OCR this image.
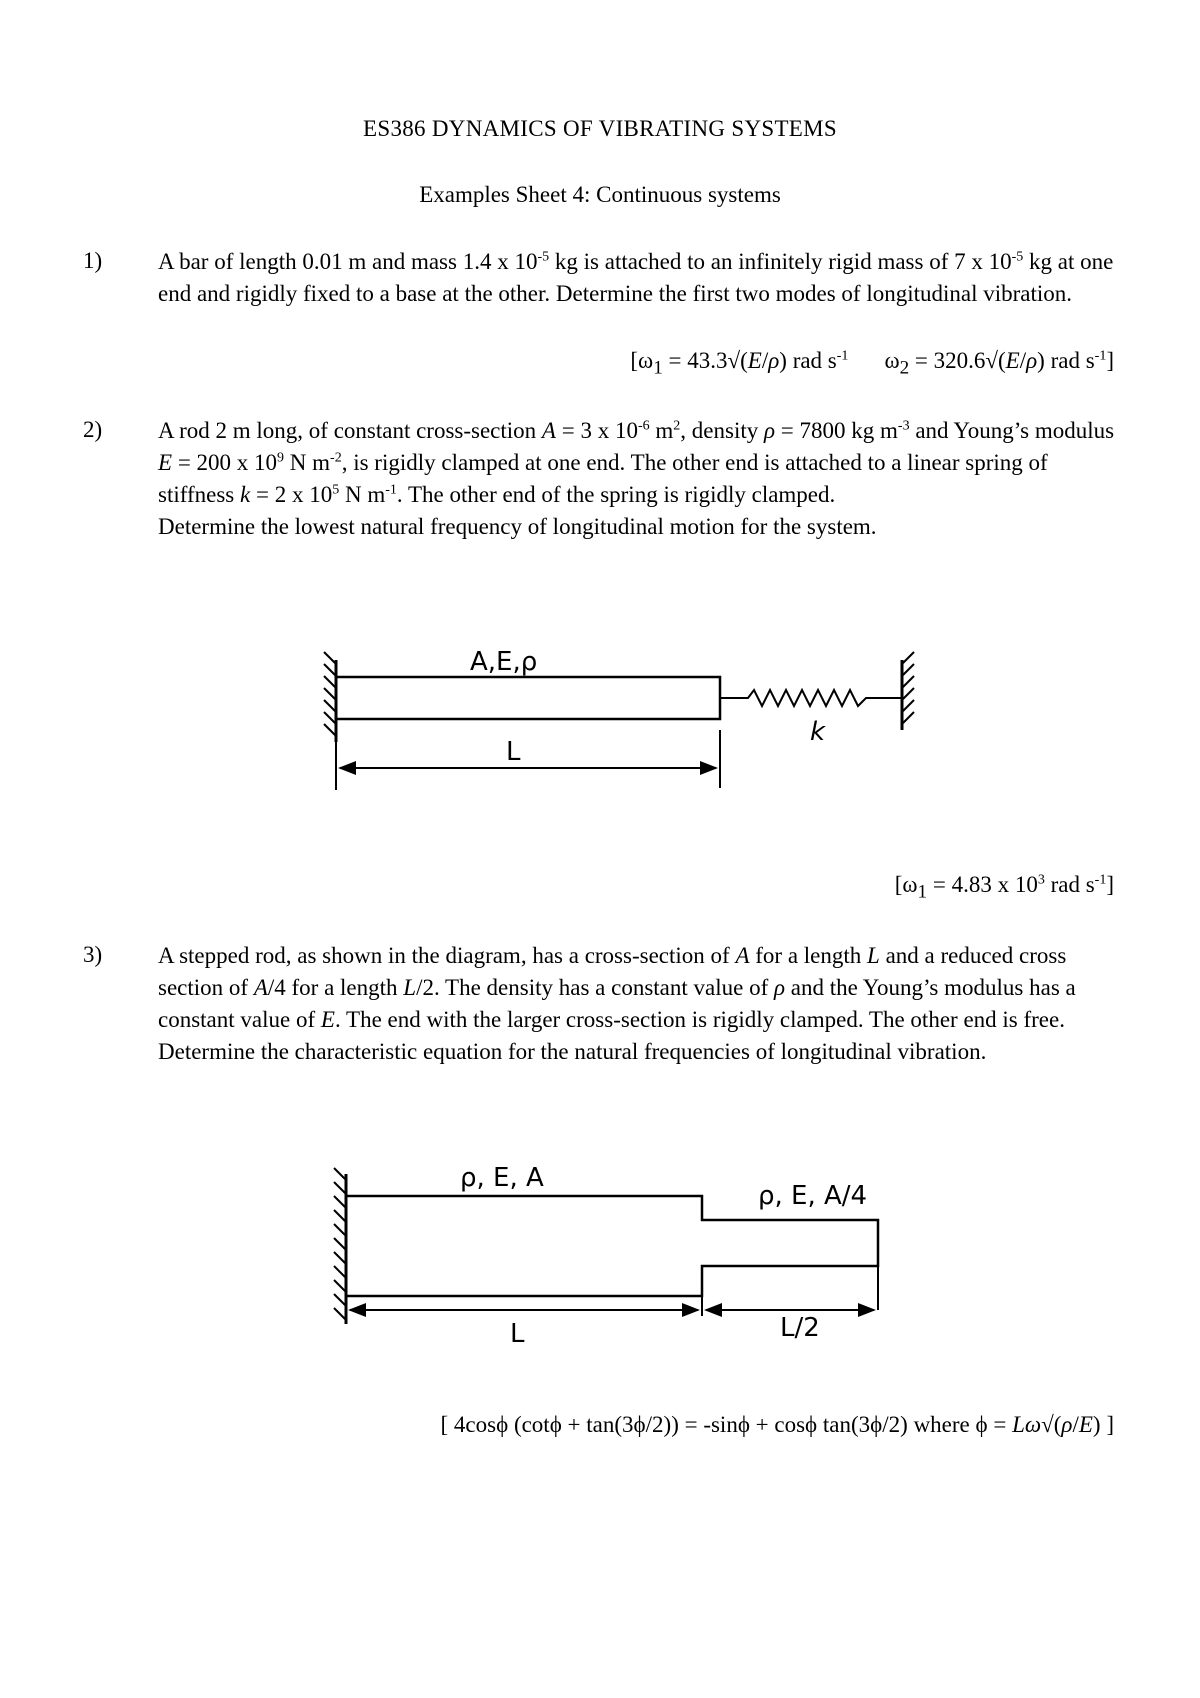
ES386 DYNAMICS OF VIBRATING SYSTEMS
Examples Sheet 4: Continuous systems
1) A bar of length 0.01 m and mass 1.4 x $10^{-5}$ kg is attached to an infinitely rigid mass of 7 x $10^{-5}$ kg at one end and rigidly fixed to a base at the other. Determine the first two modes of longitudinal vibration.
[$\omega_1 = 43.3√(E/\rho)$ rad $s^{-1}$ $\omega_2 = 320.6√(E/\rho)$ rad $s^{-1}$]
2) A rod 2 m long, of constant cross-section A = 3 x $10^{-6}$ $m^2$, density ρ = 7800 kg $m^{-3}$ and Young’s modulus E = 200 x $10^9$ N $m^{-2}$, is rigidly clamped at one end. The other end is attached to a linear spring of stiffness k = 2 x $10^5$ N $m^{-1}$. The other end of the spring is rigidly clamped.
Determine the lowest natural frequency of longitudinal motion for the system.
A,E,ρ
L
k
[$\omega_1 = 4.83$ x $10^3$ rad $s^{-1}$]
3) A stepped rod, as shown in the diagram, has a cross-section of A for a length L and a reduced cross section of A/4 for a length L/2. The density has a constant value of ρ and the Young’s modulus has a constant value of E. The end with the larger cross-section is rigidly clamped. The other end is free. Determine the characteristic equation for the natural frequencies of longitudinal vibration.
ρ, E, A
ρ, E, A/4
L	L/2
[ 4cosϕ (cotϕ + tan(3ϕ/2)) = -sinϕ + cosϕ tan(3ϕ/2) where ϕ = Lω√(ρ/E) ]
